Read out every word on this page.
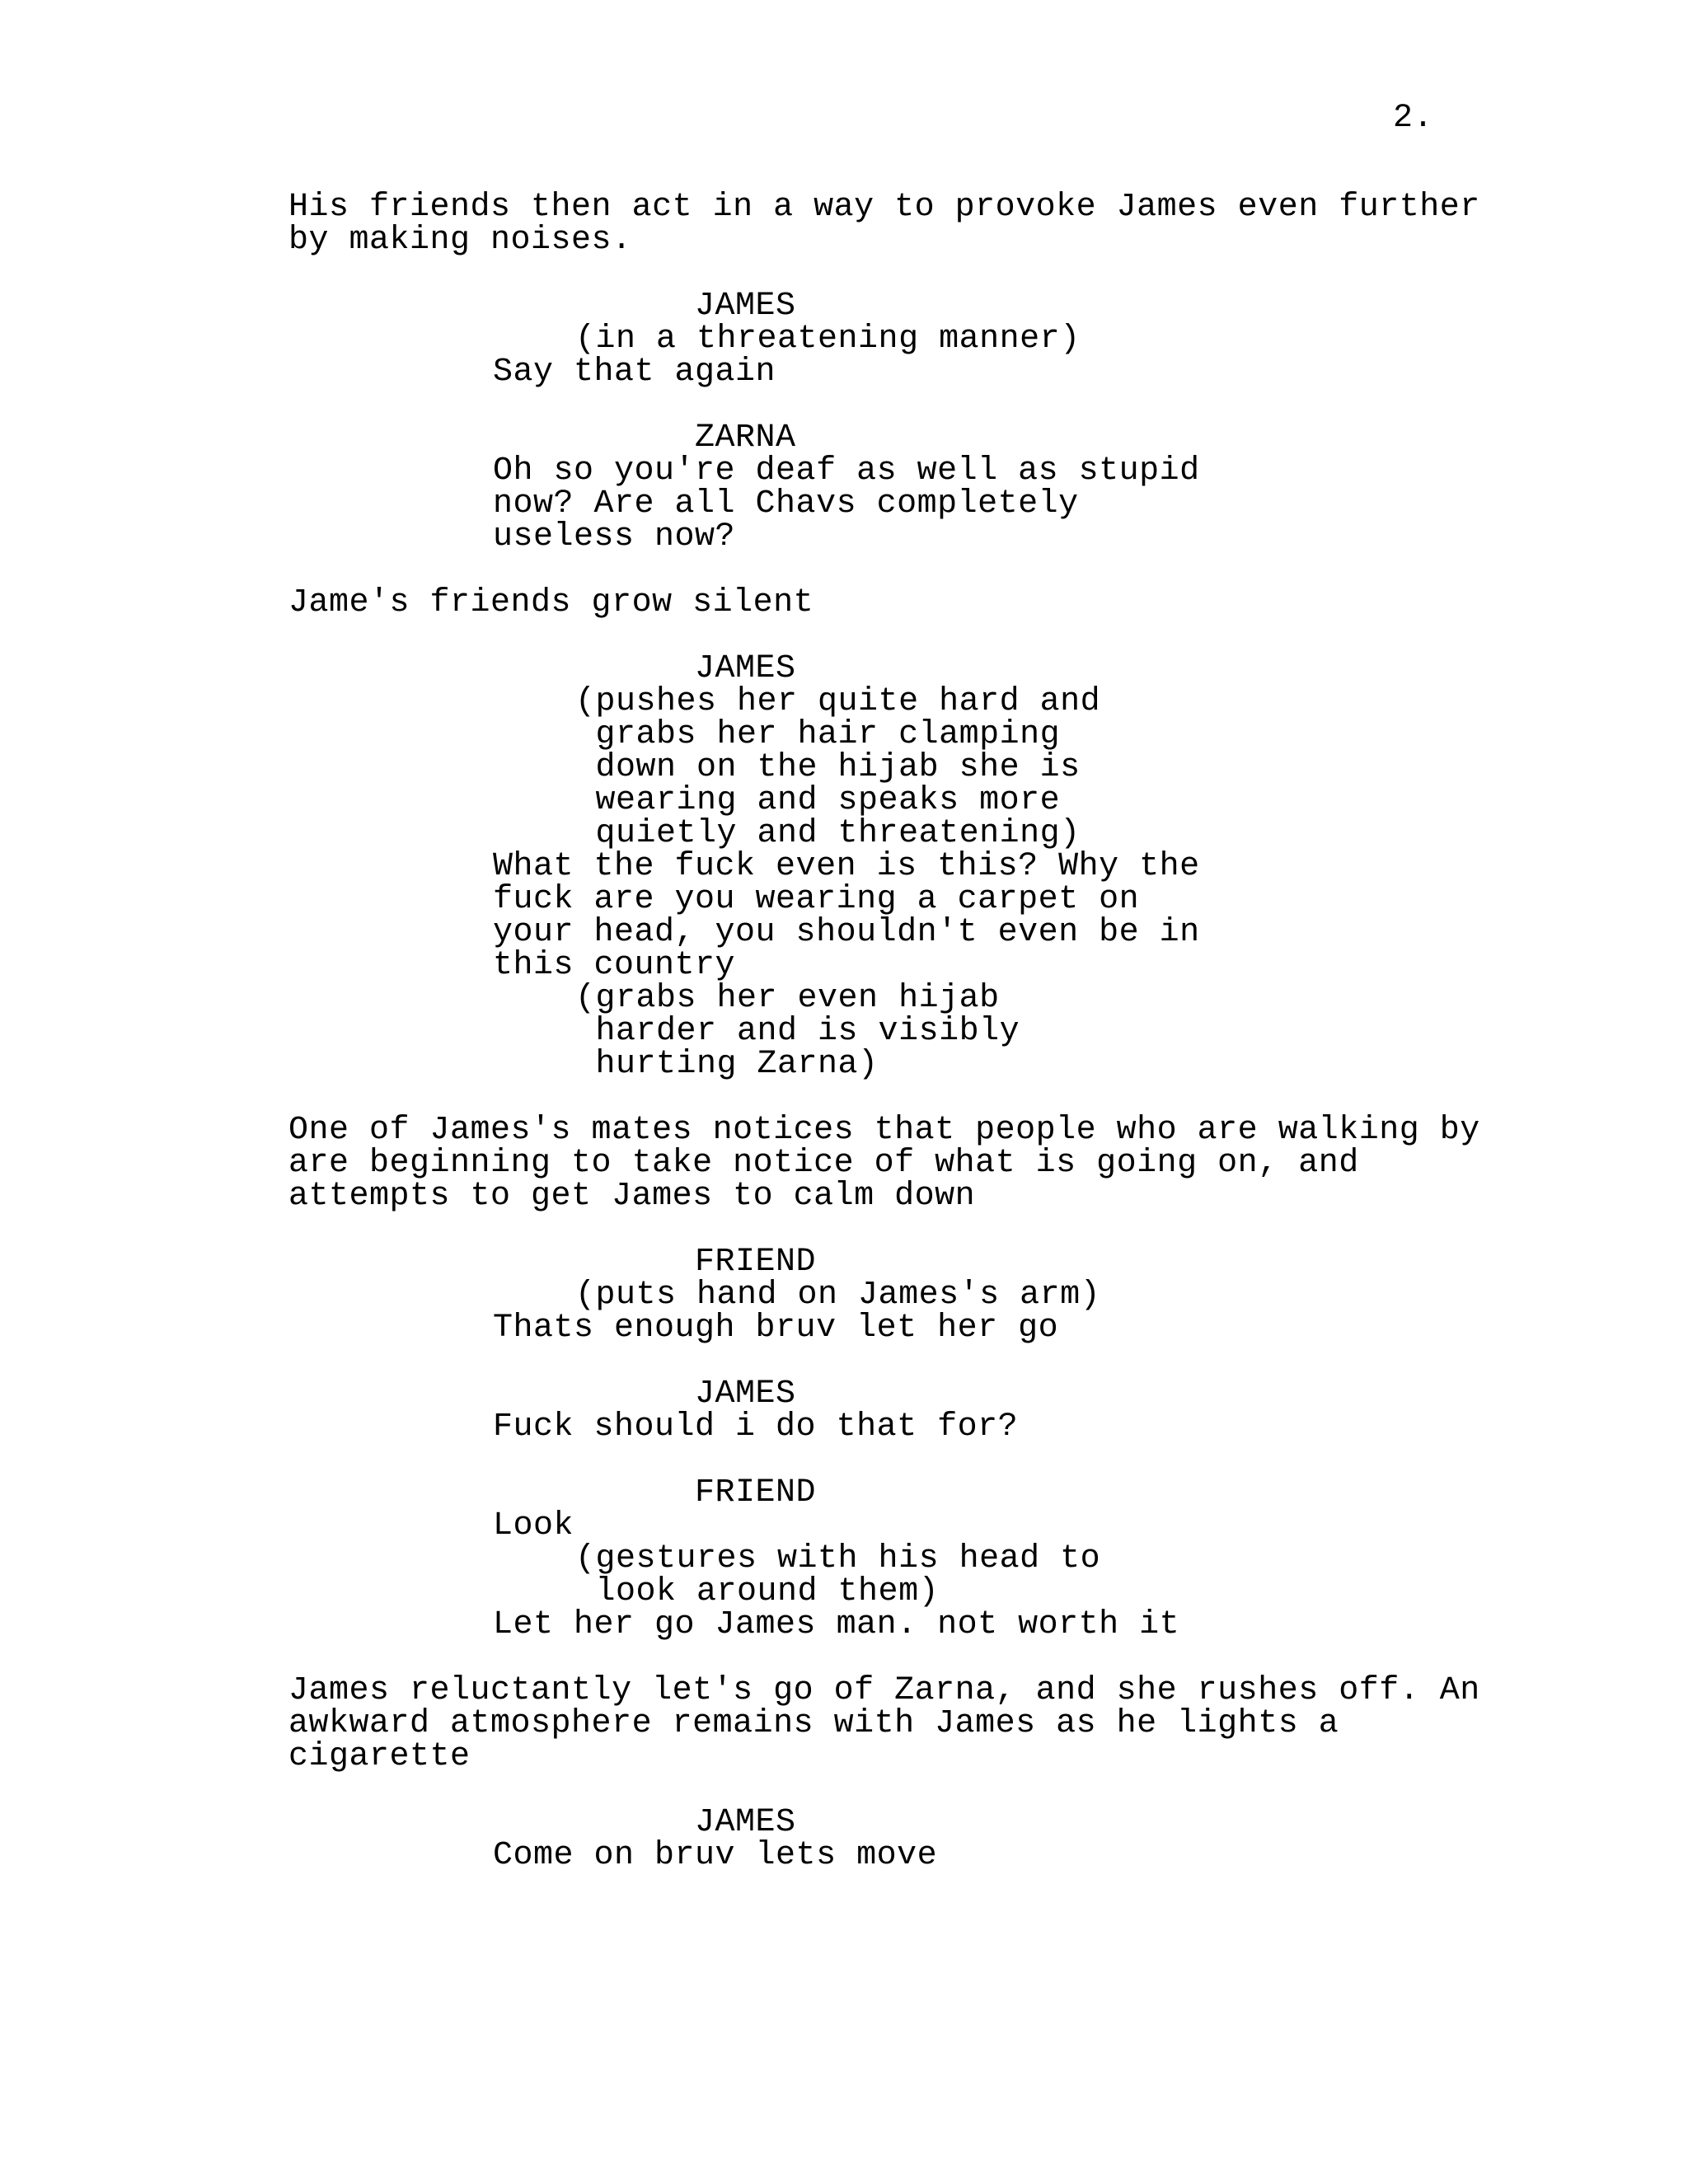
2.
His friends then act in a way to provoke James even further
by making noises.
JAMES
(in a threatening manner)
Say that again
ZARNA
Oh so you're deaf as well as stupid
now? Are all Chavs completely
useless now?
Jame's friends grow silent
JAMES
(pushes her quite hard and
grabs her hair clamping
down on the hijab she is
wearing and speaks more
quietly and threatening)
What the fuck even is this? Why the
fuck are you wearing a carpet on
your head, you shouldn't even be in
this country
(grabs her even hijab
harder and is visibly
hurting Zarna)
One of James's mates notices that people who are walking by
are beginning to take notice of what is going on, and
attempts to get James to calm down
FRIEND
(puts hand on James's arm)
Thats enough bruv let her go
JAMES
Fuck should i do that for?
FRIEND
Look
(gestures with his head to
look around them)
Let her go James man. not worth it
James reluctantly let's go of Zarna, and she rushes off. An
awkward atmosphere remains with James as he lights a
cigarette
JAMES
Come on bruv lets move
